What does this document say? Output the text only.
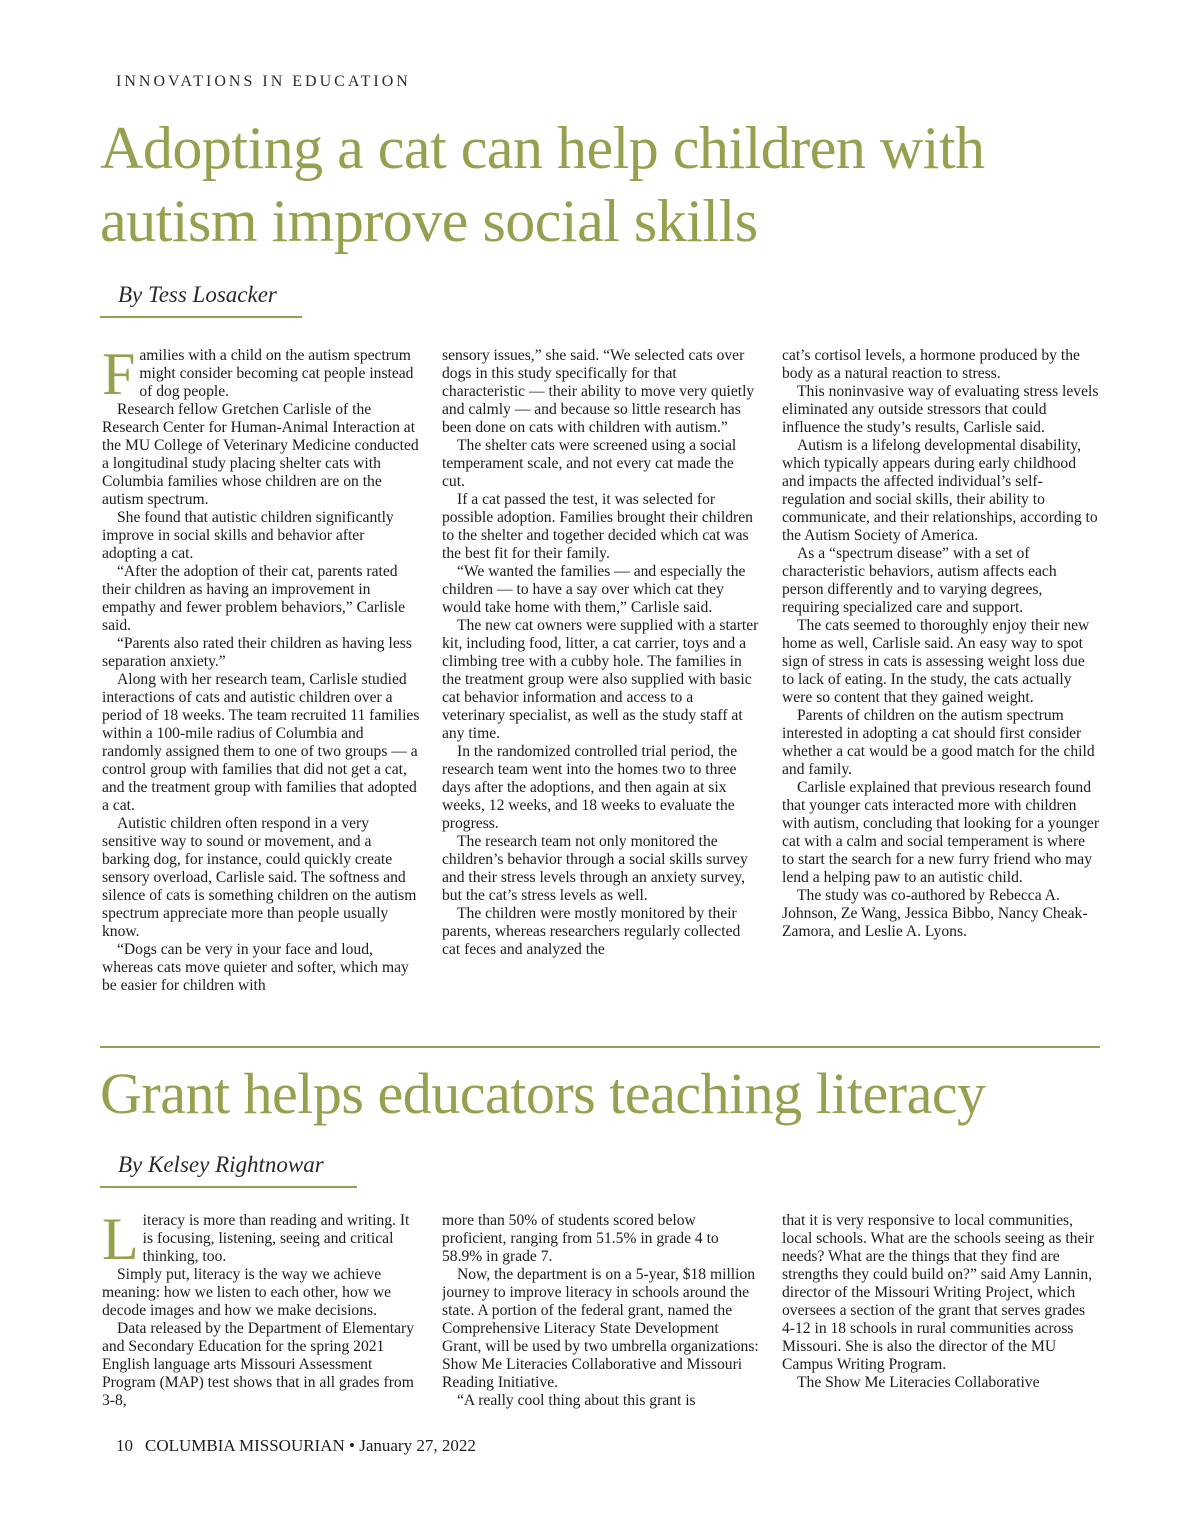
INNOVATIONS IN EDUCATION
Adopting a cat can help children with autism improve social skills
By Tess Losacker

Families with a child on the autism spectrum might consider becoming cat people instead of dog people.

Research fellow Gretchen Carlisle of the Research Center for Human-Animal Interaction at the MU College of Veterinary Medicine conducted a longitudinal study placing shelter cats with Columbia families whose children are on the autism spectrum.

She found that autistic children significantly improve in social skills and behavior after adopting a cat.

“After the adoption of their cat, parents rated their children as having an improvement in empathy and fewer problem behaviors,” Carlisle said.

“Parents also rated their children as having less separation anxiety.”

Along with her research team, Carlisle studied interactions of cats and autistic children over a period of 18 weeks. The team recruited 11 families within a 100-mile radius of Columbia and randomly assigned them to one of two groups — a control group with families that did not get a cat, and the treatment group with families that adopted a cat.

Autistic children often respond in a very sensitive way to sound or movement, and a barking dog, for instance, could quickly create sensory overload, Carlisle said. The softness and silence of cats is something children on the autism spectrum appreciate more than people usually know.

“Dogs can be very in your face and loud, whereas cats move quieter and softer, which may be easier for children with

sensory issues,” she said. “We selected cats over dogs in this study specifically for that characteristic — their ability to move very quietly and calmly — and because so little research has been done on cats with children with autism.”

The shelter cats were screened using a social temperament scale, and not every cat made the cut.

If a cat passed the test, it was selected for possible adoption. Families brought their children to the shelter and together decided which cat was the best fit for their family.

“We wanted the families — and especially the children — to have a say over which cat they would take home with them,” Carlisle said.

The new cat owners were supplied with a starter kit, including food, litter, a cat carrier, toys and a climbing tree with a cubby hole. The families in the treatment group were also supplied with basic cat behavior information and access to a veterinary specialist, as well as the study staff at any time.

In the randomized controlled trial period, the research team went into the homes two to three days after the adoptions, and then again at six weeks, 12 weeks, and 18 weeks to evaluate the progress.

The research team not only monitored the children’s behavior through a social skills survey and their stress levels through an anxiety survey, but the cat’s stress levels as well.

The children were mostly monitored by their parents, whereas researchers regularly collected cat feces and analyzed the

cat’s cortisol levels, a hormone produced by the body as a natural reaction to stress.

This noninvasive way of evaluating stress levels eliminated any outside stressors that could influence the study’s results, Carlisle said.

Autism is a lifelong developmental disability, which typically appears during early childhood and impacts the affected individual’s self-regulation and social skills, their ability to communicate, and their relationships, according to the Autism Society of America.

As a “spectrum disease” with a set of characteristic behaviors, autism affects each person differently and to varying degrees, requiring specialized care and support.

The cats seemed to thoroughly enjoy their new home as well, Carlisle said. An easy way to spot sign of stress in cats is assessing weight loss due to lack of eating. In the study, the cats actually were so content that they gained weight.

Parents of children on the autism spectrum interested in adopting a cat should first consider whether a cat would be a good match for the child and family.

Carlisle explained that previous research found that younger cats interacted more with children with autism, concluding that looking for a younger cat with a calm and social temperament is where to start the search for a new furry friend who may lend a helping paw to an autistic child.

The study was co-authored by Rebecca A. Johnson, Ze Wang, Jessica Bibbo, Nancy Cheak-Zamora, and Leslie A. Lyons.

Grant helps educators teaching literacy
By Kelsey Rightnowar

Literacy is more than reading and writing. It is focusing, listening, seeing and critical thinking, too.

Simply put, literacy is the way we achieve meaning: how we listen to each other, how we decode images and how we make decisions.

Data released by the Department of Elementary and Secondary Education for the spring 2021 English language arts Missouri Assessment Program (MAP) test shows that in all grades from 3-8,

more than 50% of students scored below proficient, ranging from 51.5% in grade 4 to 58.9% in grade 7.

Now, the department is on a 5-year, $18 million journey to improve literacy in schools around the state. A portion of the federal grant, named the Comprehensive Literacy State Development Grant, will be used by two umbrella organizations: Show Me Literacies Collaborative and Missouri Reading Initiative.

“A really cool thing about this grant is

that it is very responsive to local communities, local schools. What are the schools seeing as their needs? What are the things that they find are strengths they could build on?” said Amy Lannin, director of the Missouri Writing Project, which oversees a section of the grant that serves grades 4-12 in 18 schools in rural communities across Missouri. She is also the director of the MU Campus Writing Program.

The Show Me Literacies Collaborative

10 COLUMBIA MISSOURIAN • January 27, 2022
